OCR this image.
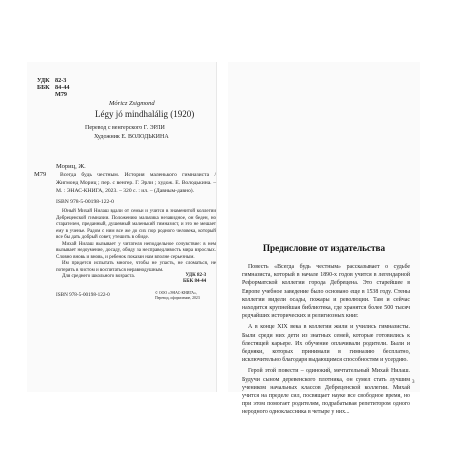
УДК 82-3
ББК 84-44
M79
Móricz Zsigmond
Légy jó mindhalálig (1920)
Перевод с венгерского Г. ЭРЛИ
Художник Е. ВОЛОДЬКИНА
Мориц, Ж.
M79	Всегда будь честным. История маленького гимназиста / Жигмонд Мориц ; пер. с венгер. Г. Эрли ; худож. Е. Володькина. – М. : ЭНАС-КНИГА, 2023. – 320 с. : ил. – (Давным-давно).
ISBN 978-5-00198-122-0

Юный Михай Нилаш вдали от семьи и учится в знаменитой коллегии Дебреценской гимназии. Положению мальчика незавидное, он беден, но старателен, преданный, душевный маленький гимназист, и это не мешает ему в ученье. Радом с ним все же до сих пор родного человека, который все бы дать добрый совет, утешить в обиде.

Михай Нилаш вызывает у читателя неподдельное сочувствие: в нем вызывает недоумение, досаду, обиду за несправедливость мира взрослых. Словно вновь и вновь, и ребенок показан нам вполне серьезным.

Им придется испытать многое, чтобы не упасть, не сломаться, не потерять в чистом и воспитаться неравнодушным.

Для среднего школьного возраста.	УДК 82-3
ББК 84-44
ISBN 978-5-00198-122-0	© ООО «ЭНАС-КНИГА»,
Перевод, оформление, 2023
Предисловие от издательства

Повесть «Всегда будь честным» рассказывает о судьбе гимназиста, который в начале 1890-х годов учится в легендарной Реформатской коллегии города Дебрецена. Это старейшее в Европе учебное заведение было основано еще в 1538 году. Стены коллегии видели осады, пожары и революции. Там и сейчас находится крупнейшая библиотека, где хранятся более 500 тысяч редчайших исторических и религиозных книг.

А в конце XIX века в коллегии жили и учились гимназисты. Были среди них дети из знатных семей, которые готовились к блестящей карьере. Их обучение оплачивали родители. Были и бедняки, которых принимали в гимназию бесплатно, исключительно благодаря выдающимся способностям и усердию.

Герой этой повести – одинокий, мечтательный Михай Нилаш. Будучи сыном деревенского плотника, он сумел стать лучшим учеником начальных классов Дебреценской коллегии. Михай учится на пределе сил, посвящает науке все свободное время, но при этом помогает родителям, подрабатывая репетитором одного неродного одноклассника в четыре у них...

3
